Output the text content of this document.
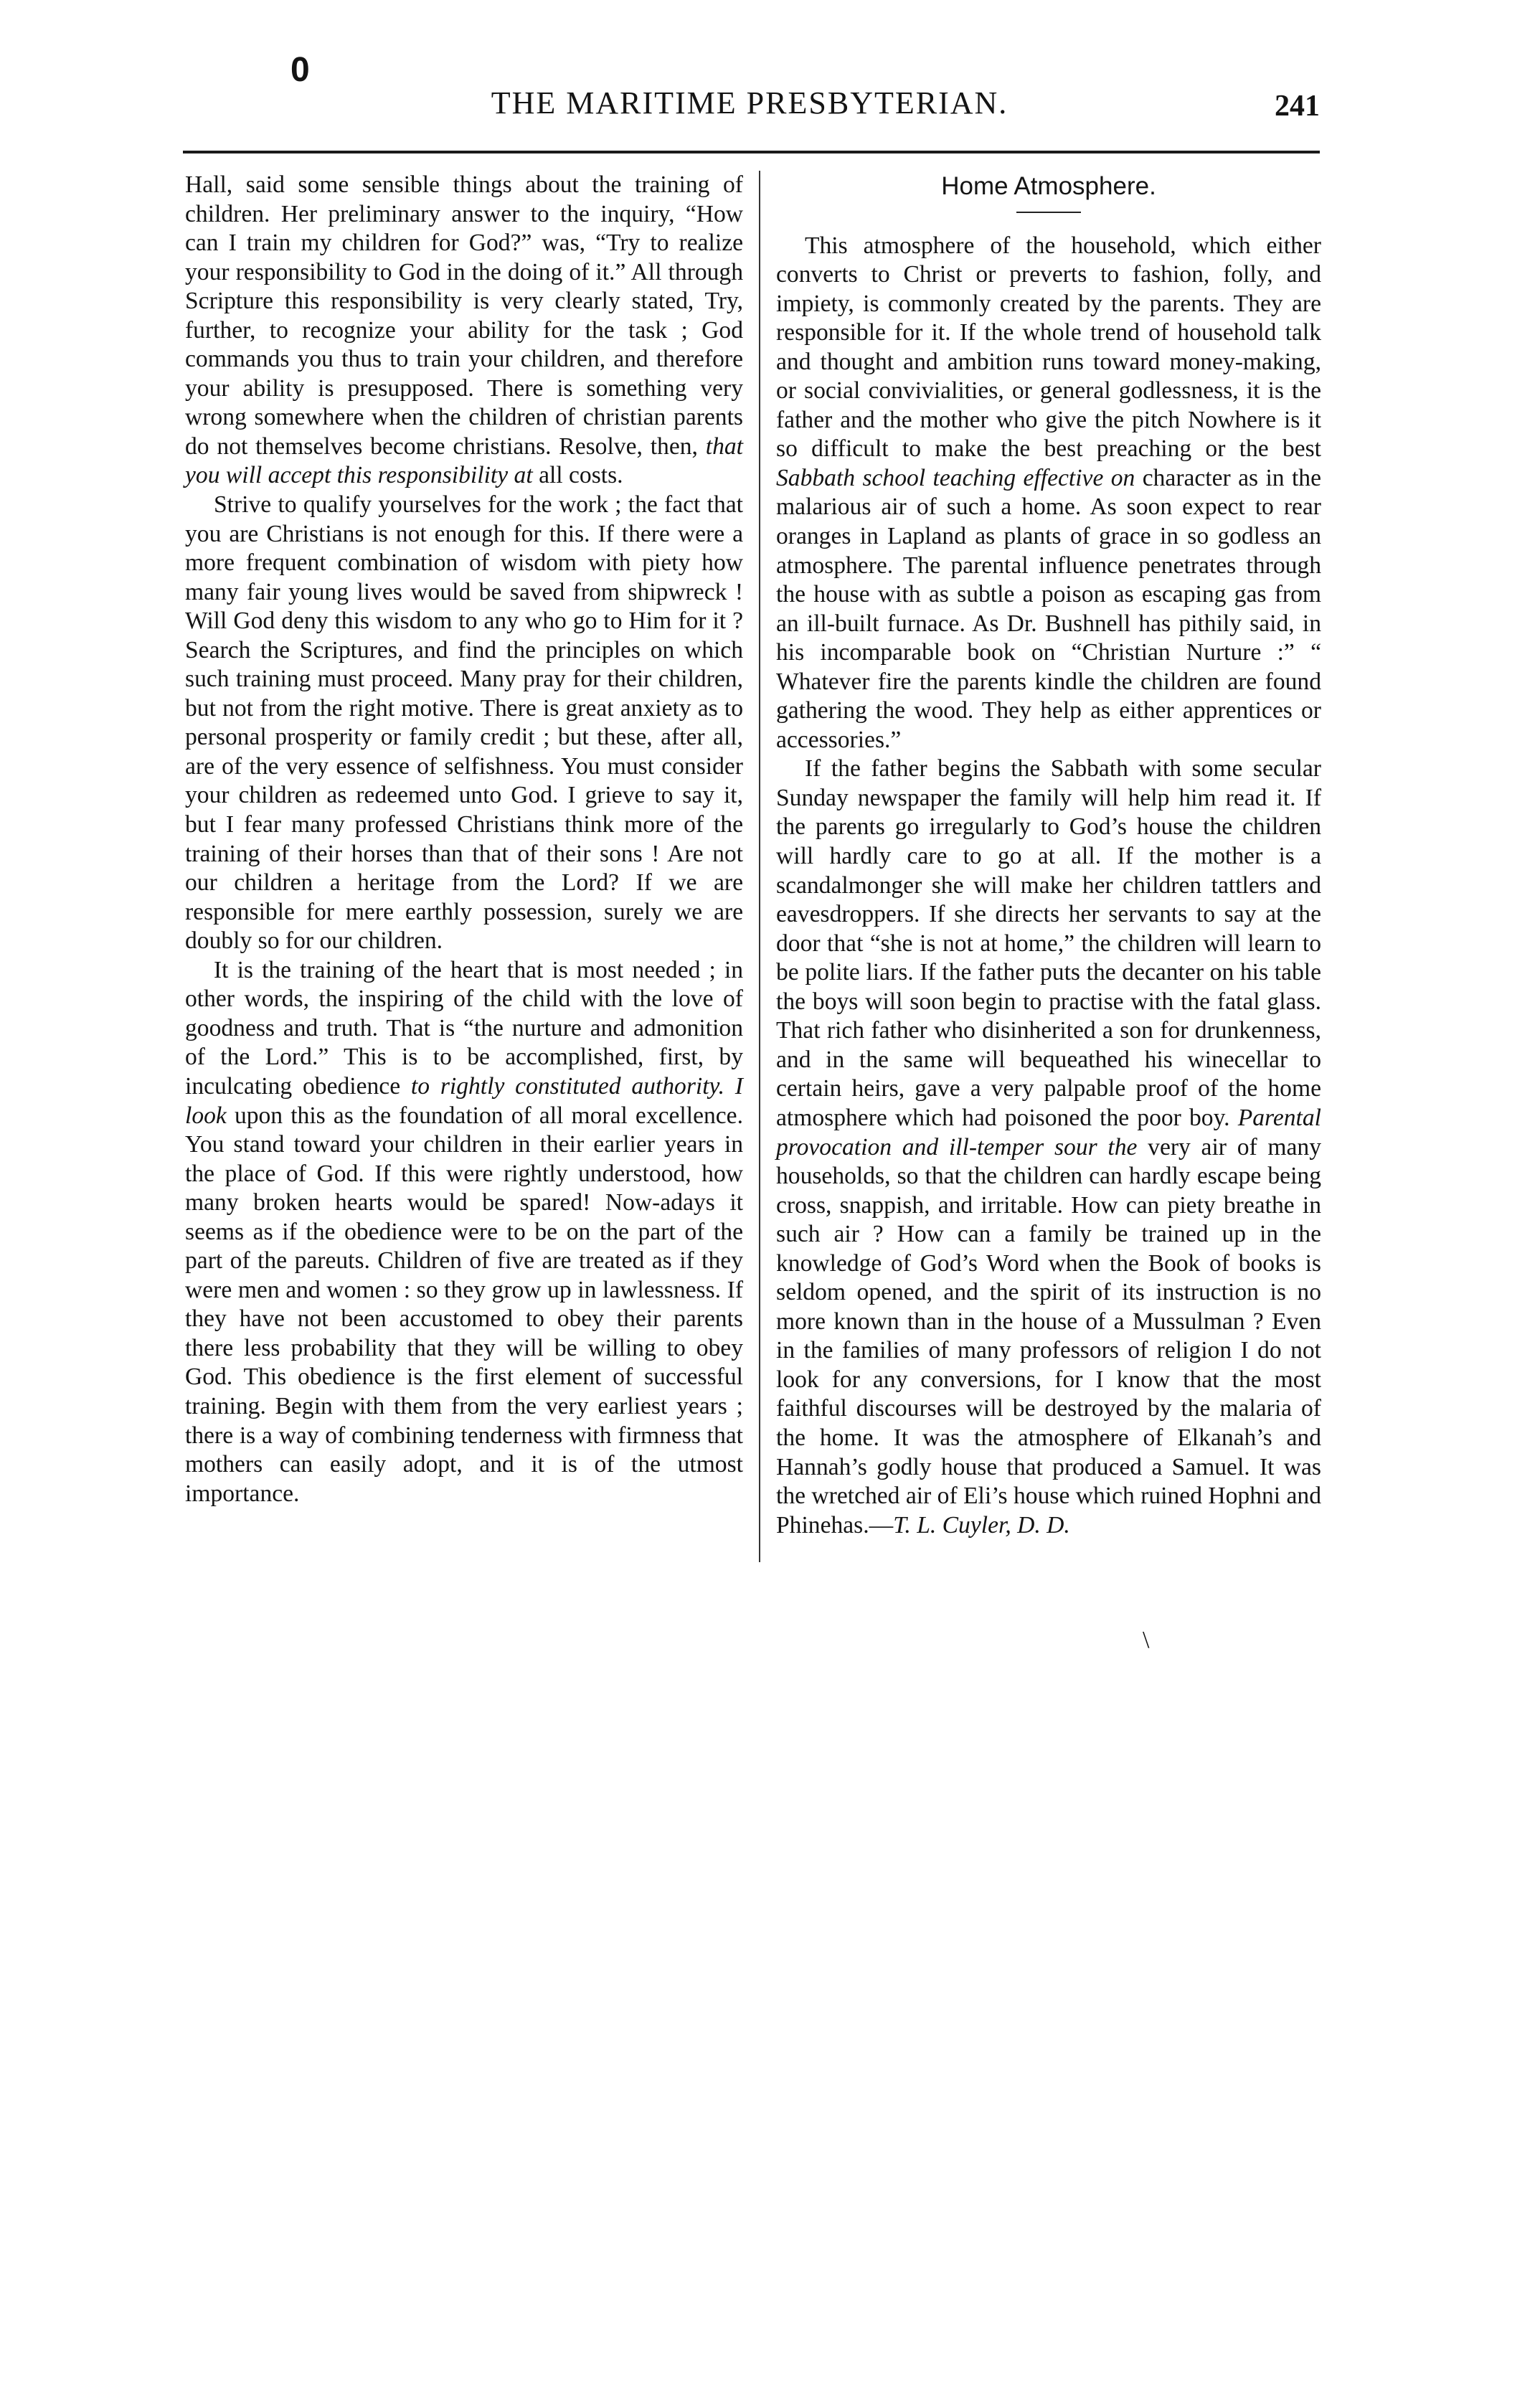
0
THE MARITIME PRESBYTERIAN.	241

Hall, said some sensible things about the training of children. Her preliminary answer to the inquiry, “How can I train my children for God?” was, “Try to realize your responsibility to God in the doing of it.” All through Scripture this responsibility is very clearly stated, Try, further, to recognize your ability for the task ; God commands you thus to train your children, and therefore your ability is presupposed. There is something very wrong somewhere when the children of christian parents do not themselves become christians. Resolve, then, that you will accept this responsibility at all costs.

Strive to qualify yourselves for the work ; the fact that you are Christians is not enough for this. If there were a more frequent combination of wisdom with piety how many fair young lives would be saved from shipwreck ! Will God deny this wisdom to any who go to Him for it ? Search the Scriptures, and find the principles on which such training must proceed. Many pray for their children, but not from the right motive. There is great anxiety as to personal prosperity or family credit ; but these, after all, are of the very essence of selfishness. You must consider your children as redeemed unto God. I grieve to say it, but I fear many professed Christians think more of the training of their horses than that of their sons ! Are not our children a heritage from the Lord? If we are responsible for mere earthly possession, surely we are doubly so for our children.

It is the training of the heart that is most needed ; in other words, the inspiring of the child with the love of goodness and truth. That is “the nurture and admonition of the Lord.” This is to be accomplished, first, by inculcating obedience to rightly constituted authority. I look upon this as the foundation of all moral excellence. You stand toward your children in their earlier years in the place of God. If this were rightly understood, how many broken hearts would be spared! Now-adays it seems as if the obedience were to be on the part of the part of the pareuts. Children of five are treated as if they were men and women : so they grow up in lawlessness. If they have not been accustomed to obey their parents there less probability that they will be willing to obey God. This obedience is the first element of successful training. Begin with them from the very earliest years ; there is a way of combining tenderness with firmness that mothers can easily adopt, and it is of the utmost importance.

Home Atmosphere.

This atmosphere of the household, which either converts to Christ or preverts to fashion, folly, and impiety, is commonly created by the parents. They are responsible for it. If the whole trend of household talk and thought and ambition runs toward money-making, or social convivialities, or general godlessness, it is the father and the mother who give the pitch Nowhere is it so difficult to make the best preaching or the best Sabbath school teaching effective on character as in the malarious air of such a home. As soon expect to rear oranges in Lapland as plants of grace in so godless an atmosphere. The parental influence penetrates through the house with as subtle a poison as escaping gas from an ill-built furnace. As Dr. Bushnell has pithily said, in his incomparable book on “Christian Nurture :” “ Whatever fire the parents kindle the children are found gathering the wood. They help as either apprentices or accessories.”

If the father begins the Sabbath with some secular Sunday newspaper the family will help him read it. If the parents go irregularly to God’s house the children will hardly care to go at all. If the mother is a scandalmonger she will make her children tattlers and eavesdroppers. If she directs her servants to say at the door that “she is not at home,” the children will learn to be polite liars. If the father puts the decanter on his table the boys will soon begin to practise with the fatal glass. That rich father who disinherited a son for drunkenness, and in the same will bequeathed his winecellar to certain heirs, gave a very palpable proof of the home atmosphere which had poisoned the poor boy. Parental provocation and ill-temper sour the very air of many households, so that the children can hardly escape being cross, snappish, and irritable. How can piety breathe in such air ? How can a family be trained up in the knowledge of God’s Word when the Book of books is seldom opened, and the spirit of its instruction is no more known than in the house of a Mussulman ? Even in the families of many professors of religion I do not look for any conversions, for I know that the most faithful discourses will be destroyed by the malaria of the home. It was the atmosphere of Elkanah’s and Hannah’s godly house that produced a Samuel. It was the wretched air of Eli’s house which ruined Hophni and Phinehas.—T. L. Cuyler, D. D.

\
